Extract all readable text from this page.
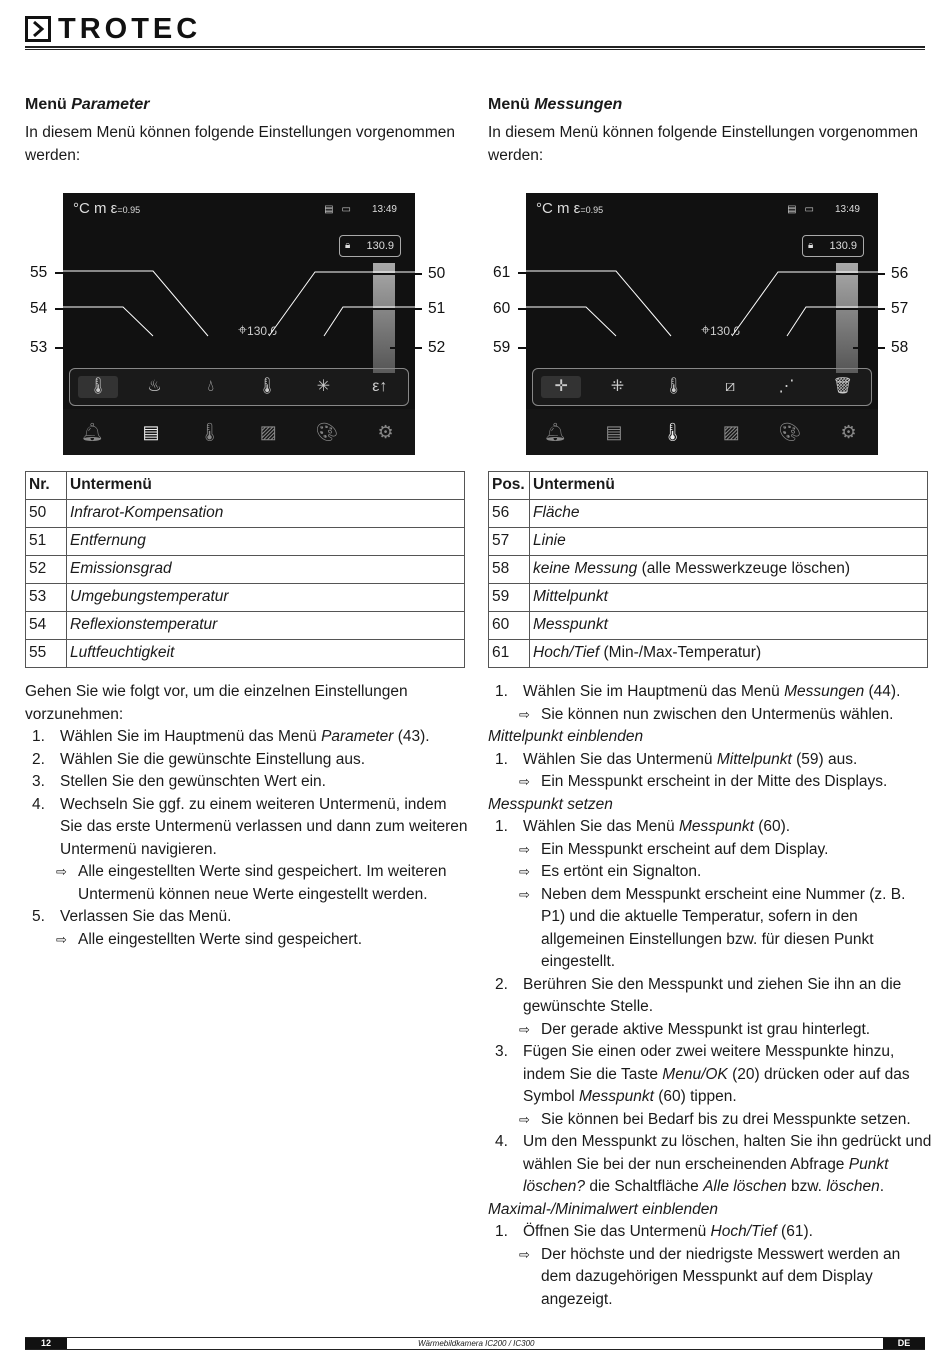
TROTEC
Menü Parameter
In diesem Menü können folgende Einstellungen vorgenommen werden:
°C m ε=0.95	▤▭ 13:49
🔒︎ 130.9
⌖130.6
🌡︎	♨	💧︎	🌡︎	✳	ε↑
🔔︎	▤	🌡︎	▨	🎨︎	⚙
55
54
53
50
51
52
Nr.	Untermenü
50	Infrarot-Kompensation
51	Entfernung
52	Emissionsgrad
53	Umgebungstemperatur
54	Reflexionstemperatur
55	Luftfeuchtigkeit
Gehen Sie wie folgt vor, um die einzelnen Einstellungen vorzunehmen:
1. Wählen Sie im Hauptmenü das Menü Parameter (43).
2. Wählen Sie die gewünschte Einstellung aus.
3. Stellen Sie den gewünschten Wert ein.
4. Wechseln Sie ggf. zu einem weiteren Untermenü, indem Sie das erste Untermenü verlassen und dann zum weiteren Untermenü navigieren.
⇨ Alle eingestellten Werte sind gespeichert. Im weiteren Untermenü können neue Werte eingestellt werden.
5. Verlassen Sie das Menü.
⇨ Alle eingestellten Werte sind gespeichert.
Menü Messungen
In diesem Menü können folgende Einstellungen vorgenommen werden:
°C m ε=0.95	▤▭ 13:49
🔒︎ 130.9
⌖130.6
✛	⁜	🌡︎	⧄	⋰	🗑︎
🔔︎	▤	🌡︎	▨	🎨︎	⚙
61
60
59
56
57
58
Pos.	Untermenü
56	Fläche
57	Linie
58	keine Messung (alle Messwerkzeuge löschen)
59	Mittelpunkt
60	Messpunkt
61	Hoch/Tief (Min-/Max-Temperatur)
1. Wählen Sie im Hauptmenü das Menü Messungen (44).
⇨ Sie können nun zwischen den Untermenüs wählen.
Mittelpunkt einblenden
1. Wählen Sie das Untermenü Mittelpunkt (59) aus.
⇨ Ein Messpunkt erscheint in der Mitte des Displays.
Messpunkt setzen
1. Wählen Sie das Menü Messpunkt (60).
⇨ Ein Messpunkt erscheint auf dem Display.
⇨ Es ertönt ein Signalton.
⇨ Neben dem Messpunkt erscheint eine Nummer (z. B. P1) und die aktuelle Temperatur, sofern in den allgemeinen Einstellungen bzw. für diesen Punkt eingestellt.
2. Berühren Sie den Messpunkt und ziehen Sie ihn an die gewünschte Stelle.
⇨ Der gerade aktive Messpunkt ist grau hinterlegt.
3. Fügen Sie einen oder zwei weitere Messpunkte hinzu, indem Sie die Taste Menu/OK (20) drücken oder auf das Symbol Messpunkt (60) tippen.
⇨ Sie können bei Bedarf bis zu drei Messpunkte setzen.
4. Um den Messpunkt zu löschen, halten Sie ihn gedrückt und wählen Sie bei der nun erscheinenden Abfrage Punkt löschen? die Schaltfläche Alle löschen bzw. löschen.
Maximal-/Minimalwert einblenden
1. Öffnen Sie das Untermenü Hoch/Tief (61).
⇨ Der höchste und der niedrigste Messwert werden an dem dazugehörigen Messpunkt auf dem Display angezeigt.
12	Wärmebildkamera IC200 / IC300	DE
